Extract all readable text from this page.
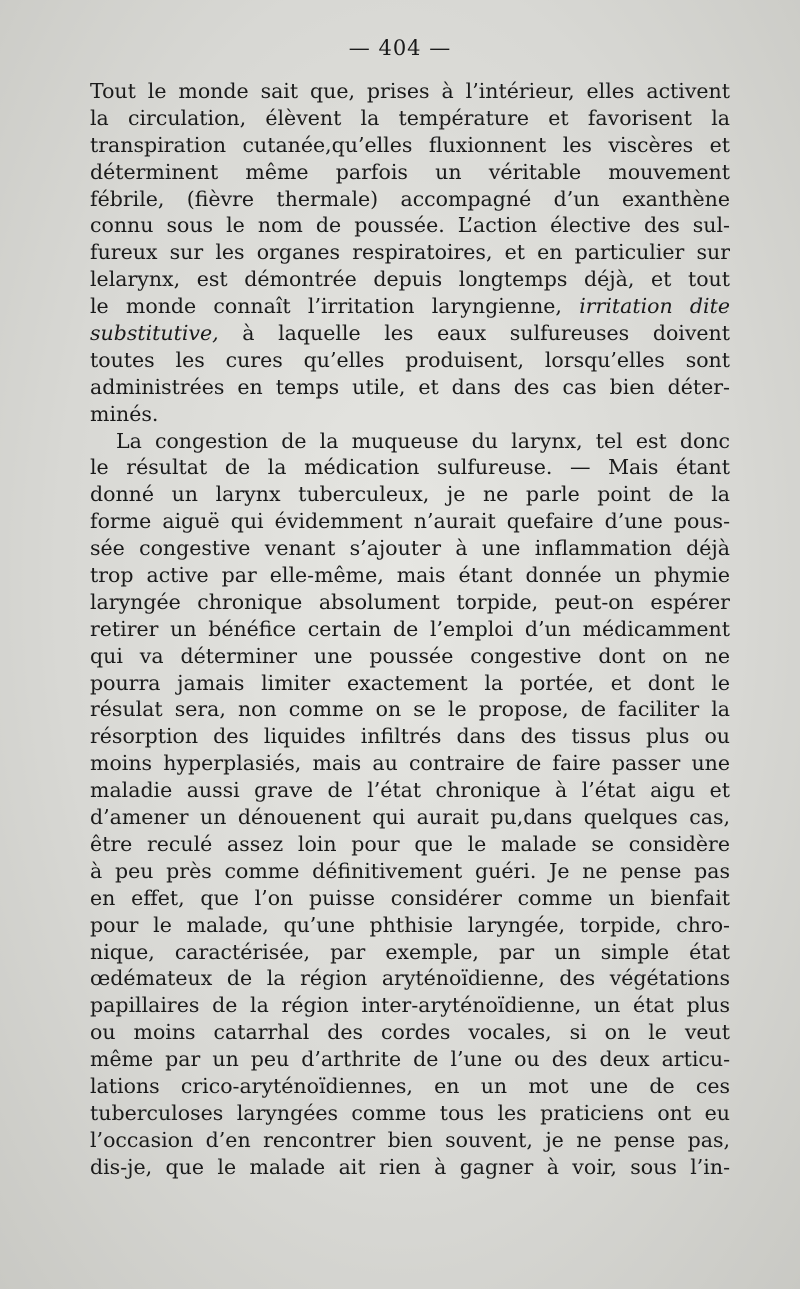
— 404 —
Tout le monde sait que, prises à l’intérieur, elles activent
la circulation, élèvent la température et favorisent la
transpiration cutanée,qu’elles fluxionnent les viscères et
déterminent même parfois un véritable mouvement
fébrile, (fièvre thermale) accompagné d’un exanthène
connu sous le nom de poussée. L’action élective des sul-
fureux sur les organes respiratoires, et en particulier sur
lelarynx, est démontrée depuis longtemps déjà, et tout
le monde connaît l’irritation laryngienne, irritation dite
substitutive, à laquelle les eaux sulfureuses doivent
toutes les cures qu’elles produisent, lorsqu’elles sont
administrées en temps utile, et dans des cas bien déter-
minés.
La congestion de la muqueuse du larynx, tel est donc
le résultat de la médication sulfureuse. — Mais étant
donné un larynx tuberculeux, je ne parle point de la
forme aiguë qui évidemment n’aurait quefaire d’une pous-
sée congestive venant s’ajouter à une inflammation déjà
trop active par elle-même, mais étant donnée un phymie
laryngée chronique absolument torpide, peut-on espérer
retirer un bénéfice certain de l’emploi d’un médicamment
qui va déterminer une poussée congestive dont on ne
pourra jamais limiter exactement la portée, et dont le
résulat sera, non comme on se le propose, de faciliter la
résorption des liquides infiltrés dans des tissus plus ou
moins hyperplasiés, mais au contraire de faire passer une
maladie aussi grave de l’état chronique à l’état aigu et
d’amener un dénouenent qui aurait pu,dans quelques cas,
être reculé assez loin pour que le malade se considère
à peu près comme définitivement guéri. Je ne pense pas
en effet, que l’on puisse considérer comme un bienfait
pour le malade, qu’une phthisie laryngée, torpide, chro-
nique, caractérisée, par exemple, par un simple état
œdémateux de la région aryténoïdienne, des végétations
papillaires de la région inter-aryténoïdienne, un état plus
ou moins catarrhal des cordes vocales, si on le veut
même par un peu d’arthrite de l’une ou des deux articu-
lations crico-aryténoïdiennes, en un mot une de ces
tuberculoses laryngées comme tous les praticiens ont eu
l’occasion d’en rencontrer bien souvent, je ne pense pas,
dis-je, que le malade ait rien à gagner à voir, sous l’in-
